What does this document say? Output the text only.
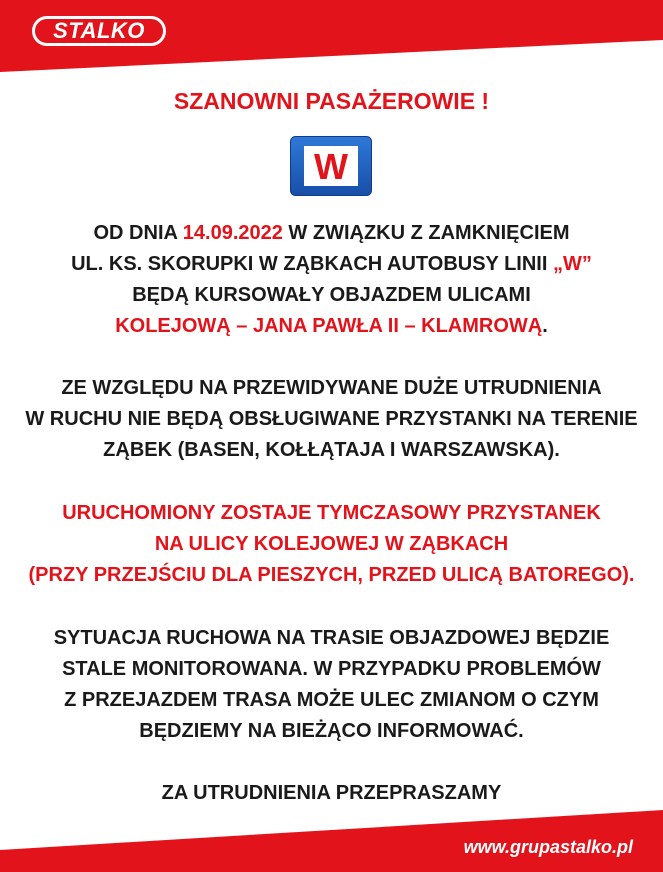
STALKO
SZANOWNI PASAŻEROWIE !
W
OD DNIA 14.09.2022 W ZWIĄZKU Z ZAMKNIĘCIEM
UL. KS. SKORUPKI W ZĄBKACH AUTOBUSY LINII „W”
BĘDĄ KURSOWAŁY OBJAZDEM ULICAMI
KOLEJOWĄ – JANA PAWŁA II – KLAMROWĄ.
ZE WZGLĘDU NA PRZEWIDYWANE DUŻE UTRUDNIENIA
W RUCHU NIE BĘDĄ OBSŁUGIWANE PRZYSTANKI NA TERENIE
ZĄBEK (BASEN, KOŁŁĄTAJA I WARSZAWSKA).
URUCHOMIONY ZOSTAJE TYMCZASOWY PRZYSTANEK
NA ULICY KOLEJOWEJ W ZĄBKACH
(PRZY PRZEJŚCIU DLA PIESZYCH, PRZED ULICĄ BATOREGO).
SYTUACJA RUCHOWA NA TRASIE OBJAZDOWEJ BĘDZIE
STALE MONITOROWANA. W PRZYPADKU PROBLEMÓW
Z PRZEJAZDEM TRASA MOŻE ULEC ZMIANOM O CZYM
BĘDZIEMY NA BIEŻĄCO INFORMOWAĆ.
ZA UTRUDNIENIA PRZEPRASZAMY
www.grupastalko.pl
